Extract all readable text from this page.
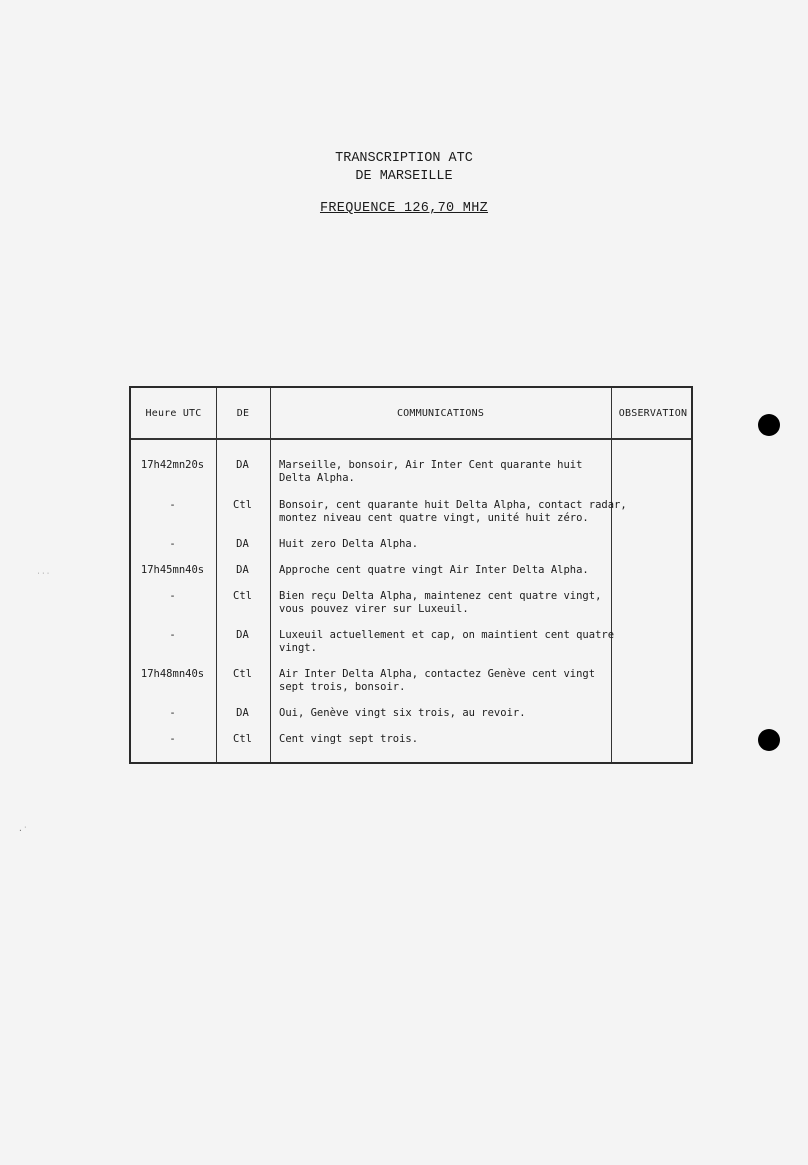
TRANSCRIPTION ATC
DE MARSEILLE
FREQUENCE 126,70 MHZ
Heure UTC	DE	COMMUNICATIONS	OBSERVATION
17h42mn20s	DA	Marseille, bonsoir, Air Inter Cent quarante huit
Delta Alpha.
-	Ctl	Bonsoir, cent quarante huit Delta Alpha, contact radar,
montez niveau cent quatre vingt, unité huit zéro.
-	DA	Huit zero Delta Alpha.
17h45mn40s	DA	Approche cent quatre vingt Air Inter Delta Alpha.
-	Ctl	Bien reçu Delta Alpha, maintenez cent quatre vingt,
vous pouvez virer sur Luxeuil.
-	DA	Luxeuil actuellement et cap, on maintient cent quatre
vingt.
17h48mn40s	Ctl	Air Inter Delta Alpha, contactez Genève cent vingt
sept trois, bonsoir.
-	DA	Oui, Genève vingt six trois, au revoir.
-	Ctl	Cent vingt sept trois.
˙˙˙
·˙
